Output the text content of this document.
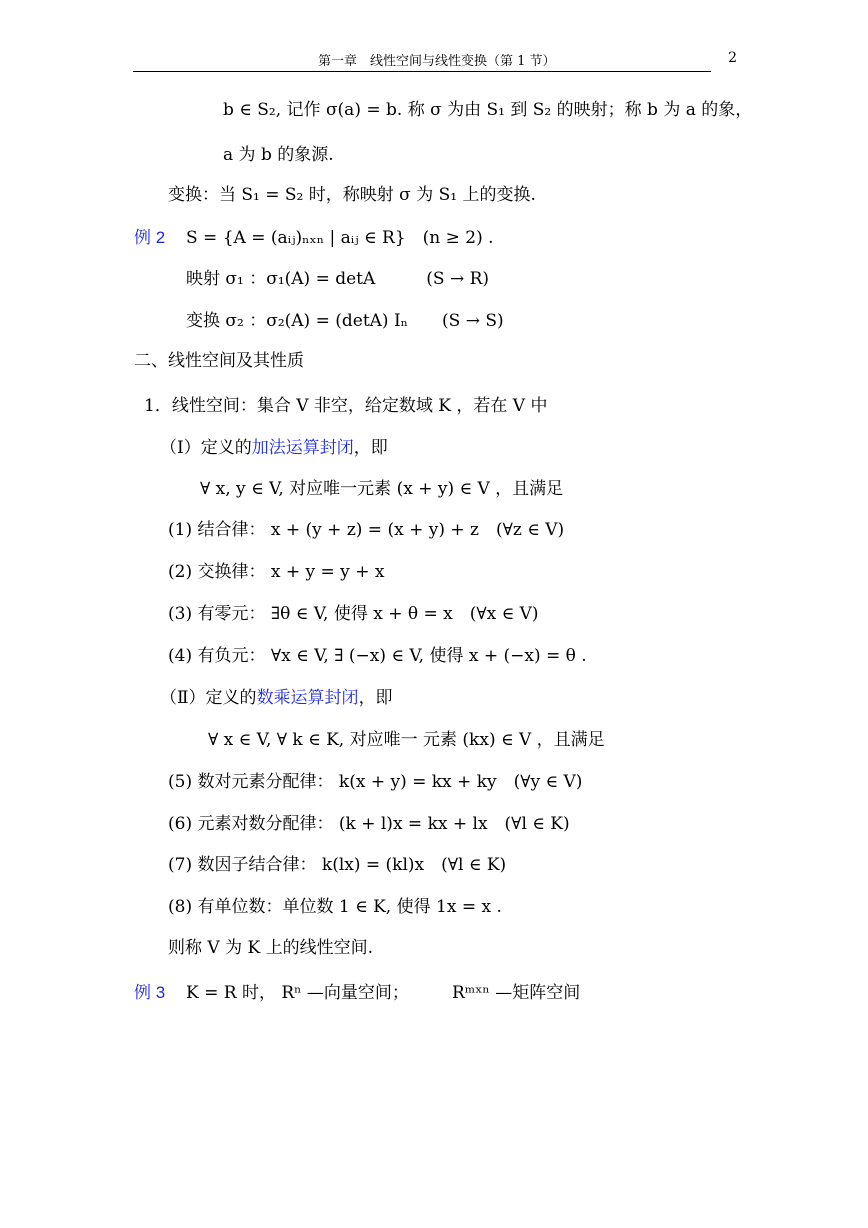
第一章　线性空间与线性变换（第 1 节）	2
b ∈ S₂, 记作 σ(a) = b. 称 σ 为由 S₁ 到 S₂ 的映射；称 b 为 a 的象，
a 为 b 的象源.
变换：当 S₁ = S₂ 时，称映射 σ 为 S₁ 上的变换.
例 2 S = {A = (aᵢⱼ)ₙₓₙ | aᵢⱼ ∈ R}　(n ≥ 2) .
映射 σ₁ ：σ₁(A) = detA　　　(S → R)
变换 σ₂ ：σ₂(A) = (detA) Iₙ　　(S → S)
二、线性空间及其性质
1．线性空间：集合 V 非空，给定数域 K ，若在 V 中
（Ⅰ）定义的加法运算封闭，即
∀ x, y ∈ V, 对应唯一元素 (x + y) ∈ V ，且满足
(1) 结合律： x + (y + z) = (x + y) + z　(∀z ∈ V)
(2) 交换律： x + y = y + x
(3) 有零元： ∃θ ∈ V, 使得 x + θ = x　(∀x ∈ V)
(4) 有负元： ∀x ∈ V, ∃ (−x) ∈ V, 使得 x + (−x) = θ .
（Ⅱ）定义的数乘运算封闭，即
∀ x ∈ V, ∀ k ∈ K, 对应唯一 元素 (kx) ∈ V ，且满足
(5) 数对元素分配律： k(x + y) = kx + ky　(∀y ∈ V)
(6) 元素对数分配律： (k + l)x = kx + lx　(∀l ∈ K)
(7) 数因子结合律： k(lx) = (kl)x　(∀l ∈ K)
(8) 有单位数：单位数 1 ∈ K, 使得 1x = x .
则称 V 为 K 上的线性空间.
例 3 K = R 时， Rⁿ —向量空间；	Rᵐˣⁿ —矩阵空间
